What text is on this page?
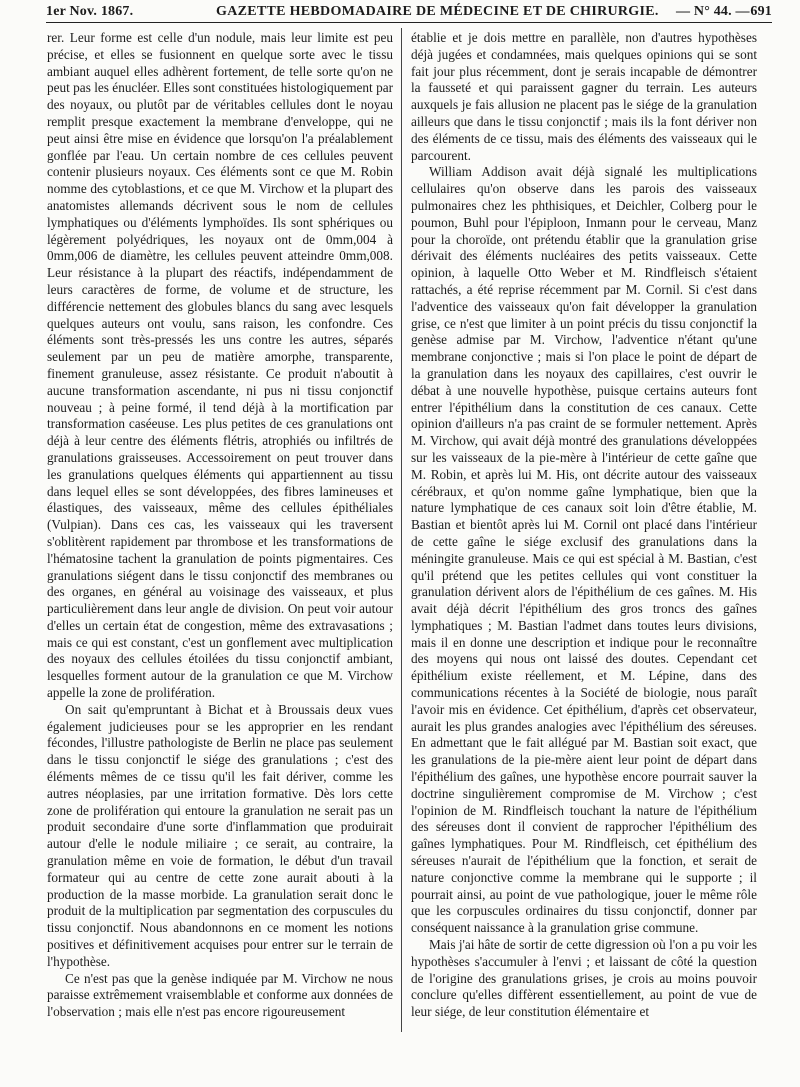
1er Nov. 1867.	GAZETTE HEBDOMADAIRE DE MÉDECINE ET DE CHIRURGIE. — N° 44. — 691

rer. Leur forme est celle d'un nodule, mais leur limite est peu précise, et elles se fusionnent en quelque sorte avec le tissu ambiant auquel elles adhèrent fortement, de telle sorte qu'on ne peut pas les énucléer. Elles sont constituées histologiquement par des noyaux, ou plutôt par de véritables cellules dont le noyau remplit presque exactement la membrane d'enveloppe, qui ne peut ainsi être mise en évidence que lorsqu'on l'a préalablement gonflée par l'eau. Un certain nombre de ces cellules peuvent contenir plusieurs noyaux. Ces éléments sont ce que M. Robin nomme des cytoblastions, et ce que M. Virchow et la plupart des anatomistes allemands décrivent sous le nom de cellules lymphatiques ou d'éléments lymphoïdes. Ils sont sphériques ou légèrement polyédriques, les noyaux ont de 0mm,004 à 0mm,006 de diamètre, les cellules peuvent atteindre 0mm,008. Leur résistance à la plupart des réactifs, indépendamment de leurs caractères de forme, de volume et de structure, les différencie nettement des globules blancs du sang avec lesquels quelques auteurs ont voulu, sans raison, les confondre. Ces éléments sont très-pressés les uns contre les autres, séparés seulement par un peu de matière amorphe, transparente, finement granuleuse, assez résistante. Ce produit n'aboutit à aucune transformation ascendante, ni pus ni tissu conjonctif nouveau ; à peine formé, il tend déjà à la mortification par transformation caséeuse. Les plus petites de ces granulations ont déjà à leur centre des éléments flétris, atrophiés ou infiltrés de granulations graisseuses. Accessoirement on peut trouver dans les granulations quelques éléments qui appartiennent au tissu dans lequel elles se sont développées, des fibres lamineuses et élastiques, des vaisseaux, même des cellules épithéliales (Vulpian). Dans ces cas, les vaisseaux qui les traversent s'oblitèrent rapidement par thrombose et les transformations de l'hématosine tachent la granulation de points pigmentaires. Ces granulations siégent dans le tissu conjonctif des membranes ou des organes, en général au voisinage des vaisseaux, et plus particulièrement dans leur angle de division. On peut voir autour d'elles un certain état de congestion, même des extravasations ; mais ce qui est constant, c'est un gonflement avec multiplication des noyaux des cellules étoilées du tissu conjonctif ambiant, lesquelles forment autour de la granulation ce que M. Virchow appelle la zone de prolifération.

On sait qu'empruntant à Bichat et à Broussais deux vues également judicieuses pour se les approprier en les rendant fécondes, l'illustre pathologiste de Berlin ne place pas seulement dans le tissu conjonctif le siége des granulations ; c'est des éléments mêmes de ce tissu qu'il les fait dériver, comme les autres néoplasies, par une irritation formative. Dès lors cette zone de prolifération qui entoure la granulation ne serait pas un produit secondaire d'une sorte d'inflammation que produirait autour d'elle le nodule miliaire ; ce serait, au contraire, la granulation même en voie de formation, le début d'un travail formateur qui au centre de cette zone aurait abouti à la production de la masse morbide. La granulation serait donc le produit de la multiplication par segmentation des corpuscules du tissu conjonctif. Nous abandonnons en ce moment les notions positives et définitivement acquises pour entrer sur le terrain de l'hypothèse.

Ce n'est pas que la genèse indiquée par M. Virchow ne nous paraisse extrêmement vraisemblable et conforme aux données de l'observation ; mais elle n'est pas encore rigoureusement

établie et je dois mettre en parallèle, non d'autres hypothèses déjà jugées et condamnées, mais quelques opinions qui se sont fait jour plus récemment, dont je serais incapable de démontrer la fausseté et qui paraissent gagner du terrain. Les auteurs auxquels je fais allusion ne placent pas le siége de la granulation ailleurs que dans le tissu conjonctif ; mais ils la font dériver non des éléments de ce tissu, mais des éléments des vaisseaux qui le parcourent.

William Addison avait déjà signalé les multiplications cellulaires qu'on observe dans les parois des vaisseaux pulmonaires chez les phthisiques, et Deichler, Colberg pour le poumon, Buhl pour l'épiploon, Inmann pour le cerveau, Manz pour la choroïde, ont prétendu établir que la granulation grise dérivait des éléments nucléaires des petits vaisseaux. Cette opinion, à laquelle Otto Weber et M. Rindfleisch s'étaient rattachés, a été reprise récemment par M. Cornil. Si c'est dans l'adventice des vaisseaux qu'on fait développer la granulation grise, ce n'est que limiter à un point précis du tissu conjonctif la genèse admise par M. Virchow, l'adventice n'étant qu'une membrane conjonctive ; mais si l'on place le point de départ de la granulation dans les noyaux des capillaires, c'est ouvrir le débat à une nouvelle hypothèse, puisque certains auteurs font entrer l'épithélium dans la constitution de ces canaux. Cette opinion d'ailleurs n'a pas craint de se formuler nettement. Après M. Virchow, qui avait déjà montré des granulations développées sur les vaisseaux de la pie-mère à l'intérieur de cette gaîne que M. Robin, et après lui M. His, ont décrite autour des vaisseaux cérébraux, et qu'on nomme gaîne lymphatique, bien que la nature lymphatique de ces canaux soit loin d'être établie, M. Bastian et bientôt après lui M. Cornil ont placé dans l'intérieur de cette gaîne le siége exclusif des granulations dans la méningite granuleuse. Mais ce qui est spécial à M. Bastian, c'est qu'il prétend que les petites cellules qui vont constituer la granulation dérivent alors de l'épithélium de ces gaînes. M. His avait déjà décrit l'épithélium des gros troncs des gaînes lymphatiques ; M. Bastian l'admet dans toutes leurs divisions, mais il en donne une description et indique pour le reconnaître des moyens qui nous ont laissé des doutes. Cependant cet épithélium existe réellement, et M. Lépine, dans des communications récentes à la Société de biologie, nous paraît l'avoir mis en évidence. Cet épithélium, d'après cet observateur, aurait les plus grandes analogies avec l'épithélium des séreuses. En admettant que le fait allégué par M. Bastian soit exact, que les granulations de la pie-mère aient leur point de départ dans l'épithélium des gaînes, une hypothèse encore pourrait sauver la doctrine singulièrement compromise de M. Virchow ; c'est l'opinion de M. Rindfleisch touchant la nature de l'épithélium des séreuses dont il convient de rapprocher l'épithélium des gaînes lymphatiques. Pour M. Rindfleisch, cet épithélium des séreuses n'aurait de l'épithélium que la fonction, et serait de nature conjonctive comme la membrane qui le supporte ; il pourrait ainsi, au point de vue pathologique, jouer le même rôle que les corpuscules ordinaires du tissu conjonctif, donner par conséquent naissance à la granulation grise commune.

Mais j'ai hâte de sortir de cette digression où l'on a pu voir les hypothèses s'accumuler à l'envi ; et laissant de côté la question de l'origine des granulations grises, je crois au moins pouvoir conclure qu'elles diffèrent essentiellement, au point de vue de leur siége, de leur constitution élémentaire et
